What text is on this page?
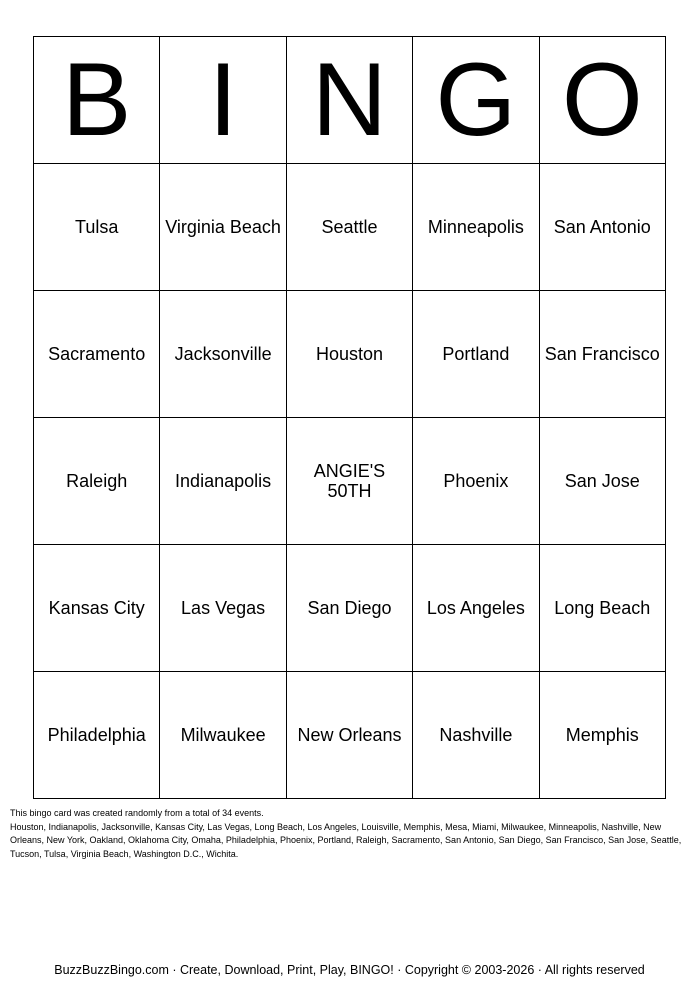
B	I	N	G	O
Tulsa	Virginia Beach	Seattle	Minneapolis	San Antonio
Sacramento	Jacksonville	Houston	Portland	San Francisco
Raleigh	Indianapolis	ANGIE'S 50TH	Phoenix	San Jose
Kansas City	Las Vegas	San Diego	Los Angeles	Long Beach
Philadelphia	Milwaukee	New Orleans	Nashville	Memphis

This bingo card was created randomly from a total of 34 events.

Houston, Indianapolis, Jacksonville, Kansas City, Las Vegas, Long Beach, Los Angeles, Louisville, Memphis, Mesa, Miami, Milwaukee, Minneapolis, Nashville, New Orleans, New York, Oakland, Oklahoma City, Omaha, Philadelphia, Phoenix, Portland, Raleigh, Sacramento, San Antonio, San Diego, San Francisco, San Jose, Seattle, Tucson, Tulsa, Virginia Beach, Washington D.C., Wichita.

BuzzBuzzBingo.com · Create, Download, Print, Play, BINGO! · Copyright © 2003-2026 · All rights reserved
